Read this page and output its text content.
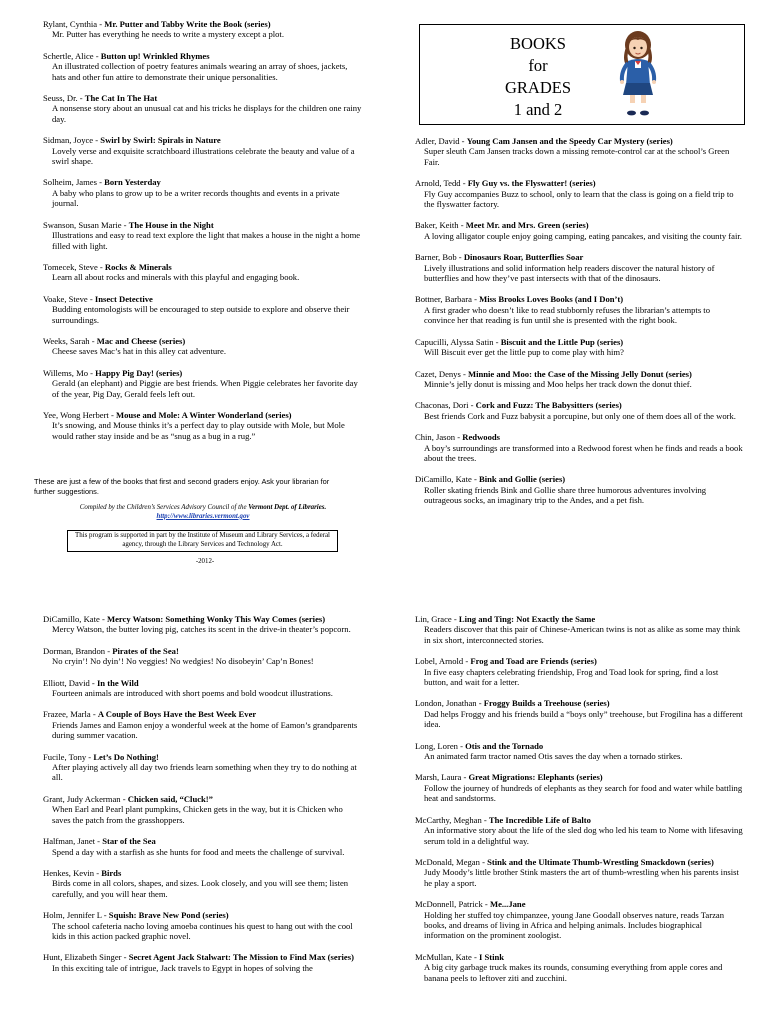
BOOKS
for
GRADES
1 and 2
Rylant, Cynthia - Mr. Putter and Tabby Write the Book (series)
Mr. Putter has everything he needs to write a mystery except a plot.
Schertle, Alice - Button up! Wrinkled Rhymes
An illustrated collection of poetry features animals wearing an array of shoes, jackets, hats and other fun attire to demonstrate their unique personalities.
Seuss, Dr. - The Cat In The Hat
A nonsense story about an unusual cat and his tricks he displays for the children one rainy day.
Sidman, Joyce - Swirl by Swirl: Spirals in Nature
Lovely verse and exquisite scratchboard illustrations celebrate the beauty and value of a swirl shape.
Solheim, James - Born Yesterday
A baby who plans to grow up to be a writer records thoughts and events in a private journal.
Swanson, Susan Marie - The House in the Night
Illustrations and easy to read text explore the light that makes a house in the night a home filled with light.
Tomecek, Steve - Rocks & Minerals
Learn all about rocks and minerals with this playful and engaging book.
Voake, Steve - Insect Detective
Budding entomologists will be encouraged to step outside to explore and observe their surroundings.
Weeks, Sarah - Mac and Cheese (series)
Cheese saves Mac’s hat in this alley cat adventure.
Willems, Mo - Happy Pig Day! (series)
Gerald (an elephant) and Piggie are best friends. When Piggie celebrates her favorite day of the year, Pig Day, Gerald feels left out.
Yee, Wong Herbert - Mouse and Mole: A Winter Wonderland (series)
It’s snowing, and Mouse thinks it’s a perfect day to play outside with Mole, but Mole would rather stay inside and be as “snug as a bug in a rug.”
These are just a few of the books that first and second graders enjoy. Ask your librarian for further suggestions.
Compiled by the Children’s Services Advisory Council of the Vermont Dept. of Libraries.
http://www.libraries.vermont.gov
This program is supported in part by the Institute of Museum and Library Services, a federal agency, through the Library Services and Technology Act.
-2012-
Adler, David - Young Cam Jansen and the Speedy Car Mystery (series)
Super sleuth Cam Jansen tracks down a missing remote-control car at the school’s Green Fair.
Arnold, Tedd - Fly Guy vs. the Flyswatter! (series)
Fly Guy accompanies Buzz to school, only to learn that the class is going on a field trip to the flyswatter factory.
Baker, Keith - Meet Mr. and Mrs. Green (series)
A loving alligator couple enjoy going camping, eating pancakes, and visiting the county fair.
Barner, Bob - Dinosaurs Roar, Butterflies Soar
Lively illustrations and solid information help readers discover the natural history of butterflies and how they’ve past intersects with that of the dinosaurs.
Bottner, Barbara - Miss Brooks Loves Books (and I Don’t)
A first grader who doesn’t like to read stubbornly refuses the librarian’s attempts to convince her that reading is fun until she is presented with the right book.
Capucilli, Alyssa Satin - Biscuit and the Little Pup (series)
Will Biscuit ever get the little pup to come play with him?
Cazet, Denys - Minnie and Moo: the Case of the Missing Jelly Donut (series)
Minnie’s jelly donut is missing and Moo helps her track down the donut thief.
Chaconas, Dori - Cork and Fuzz: The Babysitters (series)
Best friends Cork and Fuzz babysit a porcupine, but only one of them does all of the work.
Chin, Jason - Redwoods
A boy’s surroundings are transformed into a Redwood forest when he finds and reads a book about the trees.
DiCamillo, Kate - Bink and Gollie (series)
Roller skating friends Bink and Gollie share three humorous adventures involving outrageous socks, an imaginary trip to the Andes, and a pet fish.
DiCamillo, Kate - Mercy Watson: Something Wonky This Way Comes (series)
Mercy Watson, the butter loving pig, catches its scent in the drive-in theater’s popcorn.
Dorman, Brandon - Pirates of the Sea!
No cryin’! No dyin’! No veggies! No wedgies! No disobeyin’ Cap’n Bones!
Elliott, David - In the Wild
Fourteen animals are introduced with short poems and bold woodcut illustrations.
Frazee, Marla - A Couple of Boys Have the Best Week Ever
Friends James and Eamon enjoy a wonderful week at the home of Eamon’s grandparents during summer vacation.
Fucile, Tony - Let’s Do Nothing!
After playing actively all day two friends learn something when they try to do nothing at all.
Grant, Judy Ackerman - Chicken said, “Cluck!”
When Earl and Pearl plant pumpkins, Chicken gets in the way, but it is Chicken who saves the patch from the grasshoppers.
Halfman, Janet - Star of the Sea
Spend a day with a starfish as she hunts for food and meets the challenge of survival.
Henkes, Kevin - Birds
Birds come in all colors, shapes, and sizes. Look closely, and you will see them; listen carefully, and you will hear them.
Holm, Jennifer L - Squish: Brave New Pond (series)
The school cafeteria nacho loving amoeba continues his quest to hang out with the cool kids in this action packed graphic novel.
Hunt, Elizabeth Singer - Secret Agent Jack Stalwart: The Mission to Find Max (series)
In this exciting tale of intrigue, Jack travels to Egypt in hopes of solving the
Lin, Grace - Ling and Ting: Not Exactly the Same
Readers discover that this pair of Chinese-American twins is not as alike as some may think in six short, interconnected stories.
Lobel, Arnold - Frog and Toad are Friends (series)
In five easy chapters celebrating friendship, Frog and Toad look for spring, find a lost button, and wait for a letter.
London, Jonathan - Froggy Builds a Treehouse (series)
Dad helps Froggy and his friends build a “boys only” treehouse, but Frogilina has a different idea.
Long, Loren - Otis and the Tornado
An animated farm tractor named Otis saves the day when a tornado stirkes.
Marsh, Laura - Great Migrations: Elephants (series)
Follow the journey of hundreds of elephants as they search for food and water while battling heat and sandstorms.
McCarthy, Meghan - The Incredible Life of Balto
An informative story about the life of the sled dog who led his team to Nome with lifesaving serum told in a delightful way.
McDonald, Megan - Stink and the Ultimate Thumb-Wrestling Smackdown (series)
Judy Moody’s little brother Stink masters the art of thumb-wrestling when his parents insist he play a sport.
McDonnell, Patrick - Me...Jane
Holding her stuffed toy chimpanzee, young Jane Goodall observes nature, reads Tarzan books, and dreams of living in Africa and helping animals. Includes biographical information on the prominent zoologist.
McMullan, Kate - I Stink
A big city garbage truck makes its rounds, consuming everything from apple cores and banana peels to leftover ziti and zucchini.
